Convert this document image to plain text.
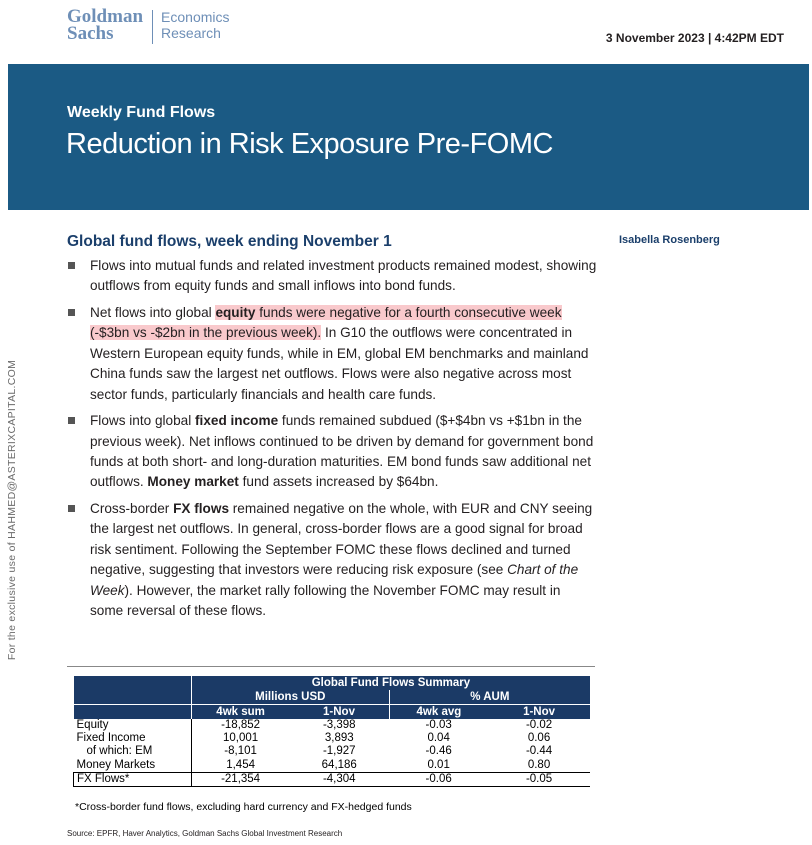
Goldman
Sachs
Economics
Research	3 November 2023 | 4:42PM EDT
Weekly Fund Flows
Reduction in Risk Exposure Pre-FOMC
For the exclusive use of HAHMED@ASTERIXCAPITAL.COM
Global fund flows, week ending November 1	Isabella Rosenberg
Flows into mutual funds and related investment products remained modest, showing outflows from equity funds and small inflows into bond funds.
Net flows into global equity funds were negative for a fourth consecutive week (-$3bn vs -$2bn in the previous week). In G10 the outflows were concentrated in Western European equity funds, while in EM, global EM benchmarks and mainland China funds saw the largest net outflows. Flows were also negative across most sector funds, particularly financials and health care funds.
Flows into global fixed income funds remained subdued ($+$4bn vs +$1bn in the previous week). Net inflows continued to be driven by demand for government bond funds at both short- and long-duration maturities. EM bond funds saw additional net outflows. Money market fund assets increased by $64bn.
Cross-border FX flows remained negative on the whole, with EUR and CNY seeing the largest net outflows. In general, cross-border flows are a good signal for broad risk sentiment. Following the September FOMC these flows declined and turned negative, suggesting that investors were reducing risk exposure (see Chart of the Week). However, the market rally following the November FOMC may result in some reversal of these flows.
	Global Fund Flows Summary			
	Millions USD		% AUM	
	4wk sum	1-Nov	4wk avg	1-Nov
Equity	-18,852	-3,398	-0.03	-0.02
Fixed Income	10,001	3,893	0.04	0.06
of which: EM	-8,101	-1,927	-0.46	-0.44
Money Markets	1,454	64,186	0.01	0.80
FX Flows*	-21,354	-4,304	-0.06	-0.05
*Cross-border fund flows, excluding hard currency and FX-hedged funds
Source: EPFR, Haver Analytics, Goldman Sachs Global Investment Research
